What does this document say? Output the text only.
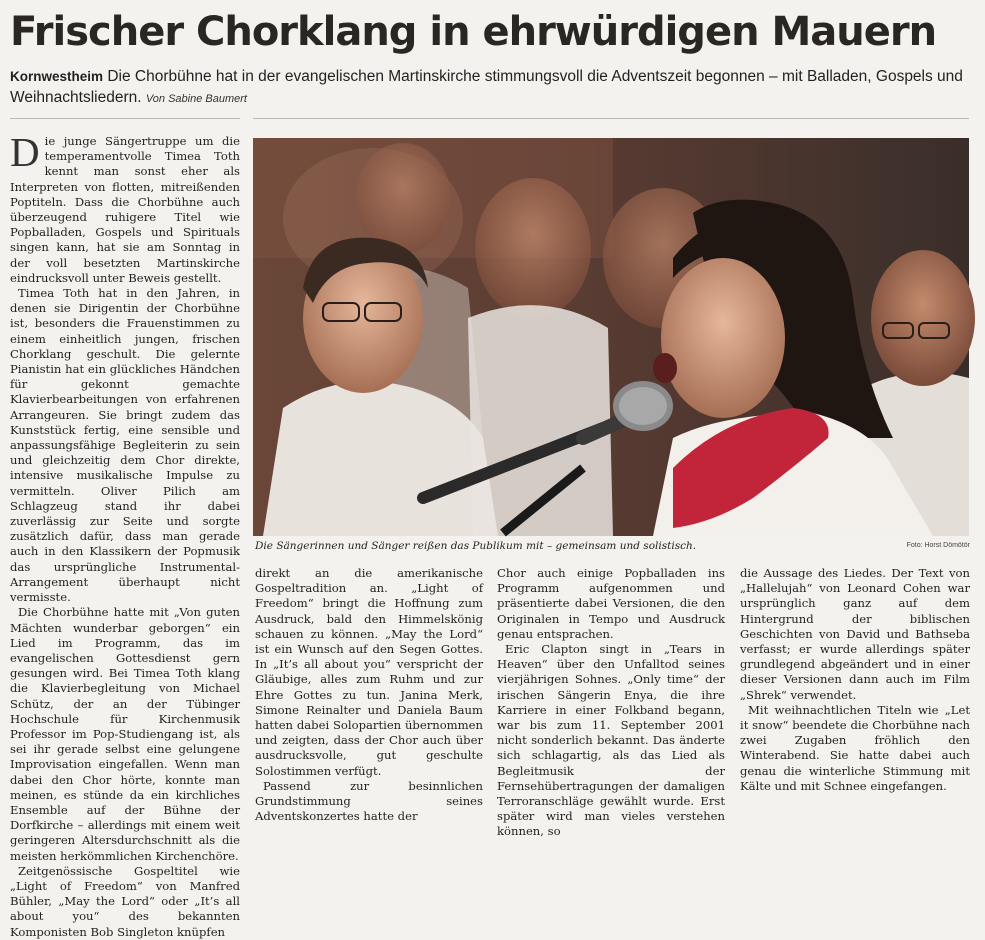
Frischer Chorklang in ehrwürdigen Mauern
Kornwestheim Die Chorbühne hat in der evangelischen Martinskirche stimmungsvoll die Adventszeit begonnen – mit Balladen, Gospels und Weihnachtsliedern. Von Sabine Baumert

Die junge Sängertruppe um die temperamentvolle Timea Toth kennt man sonst eher als Interpreten von flotten, mitreißenden Poptiteln. Dass die Chorbühne auch überzeugend ruhigere Titel wie Popballaden, Gospels und Spirituals singen kann, hat sie am Sonntag in der voll besetzten Martinskirche eindrucksvoll unter Beweis gestellt.

Timea Toth hat in den Jahren, in denen sie Dirigentin der Chorbühne ist, besonders die Frauenstimmen zu einem einheitlich jungen, frischen Chorklang geschult. Die gelernte Pianistin hat ein glückliches Händchen für gekonnt gemachte Klavierbearbeitungen von erfahrenen Arrangeuren. Sie bringt zudem das Kunststück fertig, eine sensible und anpassungsfähige Begleiterin zu sein und gleichzeitig dem Chor direkte, intensive musikalische Impulse zu vermitteln. Oliver Pilich am Schlagzeug stand ihr dabei zuverlässig zur Seite und sorgte zusätzlich dafür, dass man gerade auch in den Klassikern der Popmusik das ursprüngliche Instrumental-Arrangement überhaupt nicht vermisste.

Die Chorbühne hatte mit „Von guten Mächten wunderbar geborgen“ ein Lied im Programm, das im evangelischen Gottesdienst gern gesungen wird. Bei Timea Toth klang die Klavierbegleitung von Michael Schütz, der an der Tübinger Hochschule für Kirchenmusik Professor im Pop-Studiengang ist, als sei ihr gerade selbst eine gelungene Improvisation eingefallen. Wenn man dabei den Chor hörte, konnte man meinen, es stünde da ein kirchliches Ensemble auf der Bühne der Dorfkirche – allerdings mit einem weit geringeren Altersdurchschnitt als die meisten herkömmlichen Kirchenchöre.

Zeitgenössische Gospeltitel wie „Light of Freedom“ von Manfred Bühler, „May the Lord“ oder „It’s all about you“ des bekannten Komponisten Bob Singleton knüpfen

Die Sängerinnen und Sänger reißen das Publikum mit – gemeinsam und solistisch.	Foto: Horst Dömötör

direkt an die amerikanische Gospeltradition an. „Light of Freedom“ bringt die Hoffnung zum Ausdruck, bald den Himmelskönig schauen zu können. „May the Lord“ ist ein Wunsch auf den Segen Gottes. In „It’s all about you“ verspricht der Gläubige, alles zum Ruhm und zur Ehre Gottes zu tun. Janina Merk, Simone Reinalter und Daniela Baum hatten dabei Solopartien übernommen und zeigten, dass der Chor auch über ausdrucksvolle, gut geschulte Solostimmen verfügt.

Passend zur besinnlichen Grundstimmung seines Adventskonzertes hatte der

Chor auch einige Popballaden ins Programm aufgenommen und präsentierte dabei Versionen, die den Originalen in Tempo und Ausdruck genau entsprachen.

Eric Clapton singt in „Tears in Heaven“ über den Unfalltod seines vierjährigen Sohnes. „Only time“ der irischen Sängerin Enya, die ihre Karriere in einer Folkband begann, war bis zum 11. September 2001 nicht sonderlich bekannt. Das änderte sich schlagartig, als das Lied als Begleitmusik der Fernsehübertragungen der damaligen Terroranschläge gewählt wurde. Erst später wird man vieles verstehen können, so

die Aussage des Liedes. Der Text von „Hallelujah“ von Leonard Cohen war ursprünglich ganz auf dem Hintergrund der biblischen Geschichten von David und Bathseba verfasst; er wurde allerdings später grundlegend abgeändert und in einer dieser Versionen dann auch im Film „Shrek“ verwendet.

Mit weihnachtlichen Titeln wie „Let it snow“ beendete die Chorbühne nach zwei Zugaben fröhlich den Winterabend. Sie hatte dabei auch genau die winterliche Stimmung mit Kälte und mit Schnee eingefangen.
